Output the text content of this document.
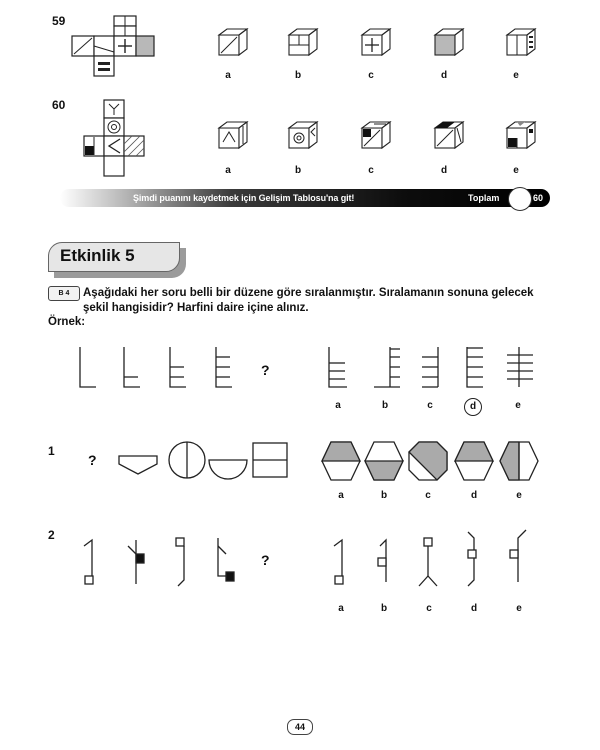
59
a	b	c	d	e
60
a	b	c	d	e
Şimdi puanını kaydetmek için Gelişim Tablosu'na git!	Toplam	60
Etkinlik 5
B 4	Aşağıdaki her soru belli bir düzene göre sıralanmıştır. Sıralamanın sonuna gelecek şekil hangisidir? Harfini daire içine alınız.
Örnek:
?
a	b	c	d	e
1
?
a	b	c	d	e
2
?
a	b	c	d	e
44
